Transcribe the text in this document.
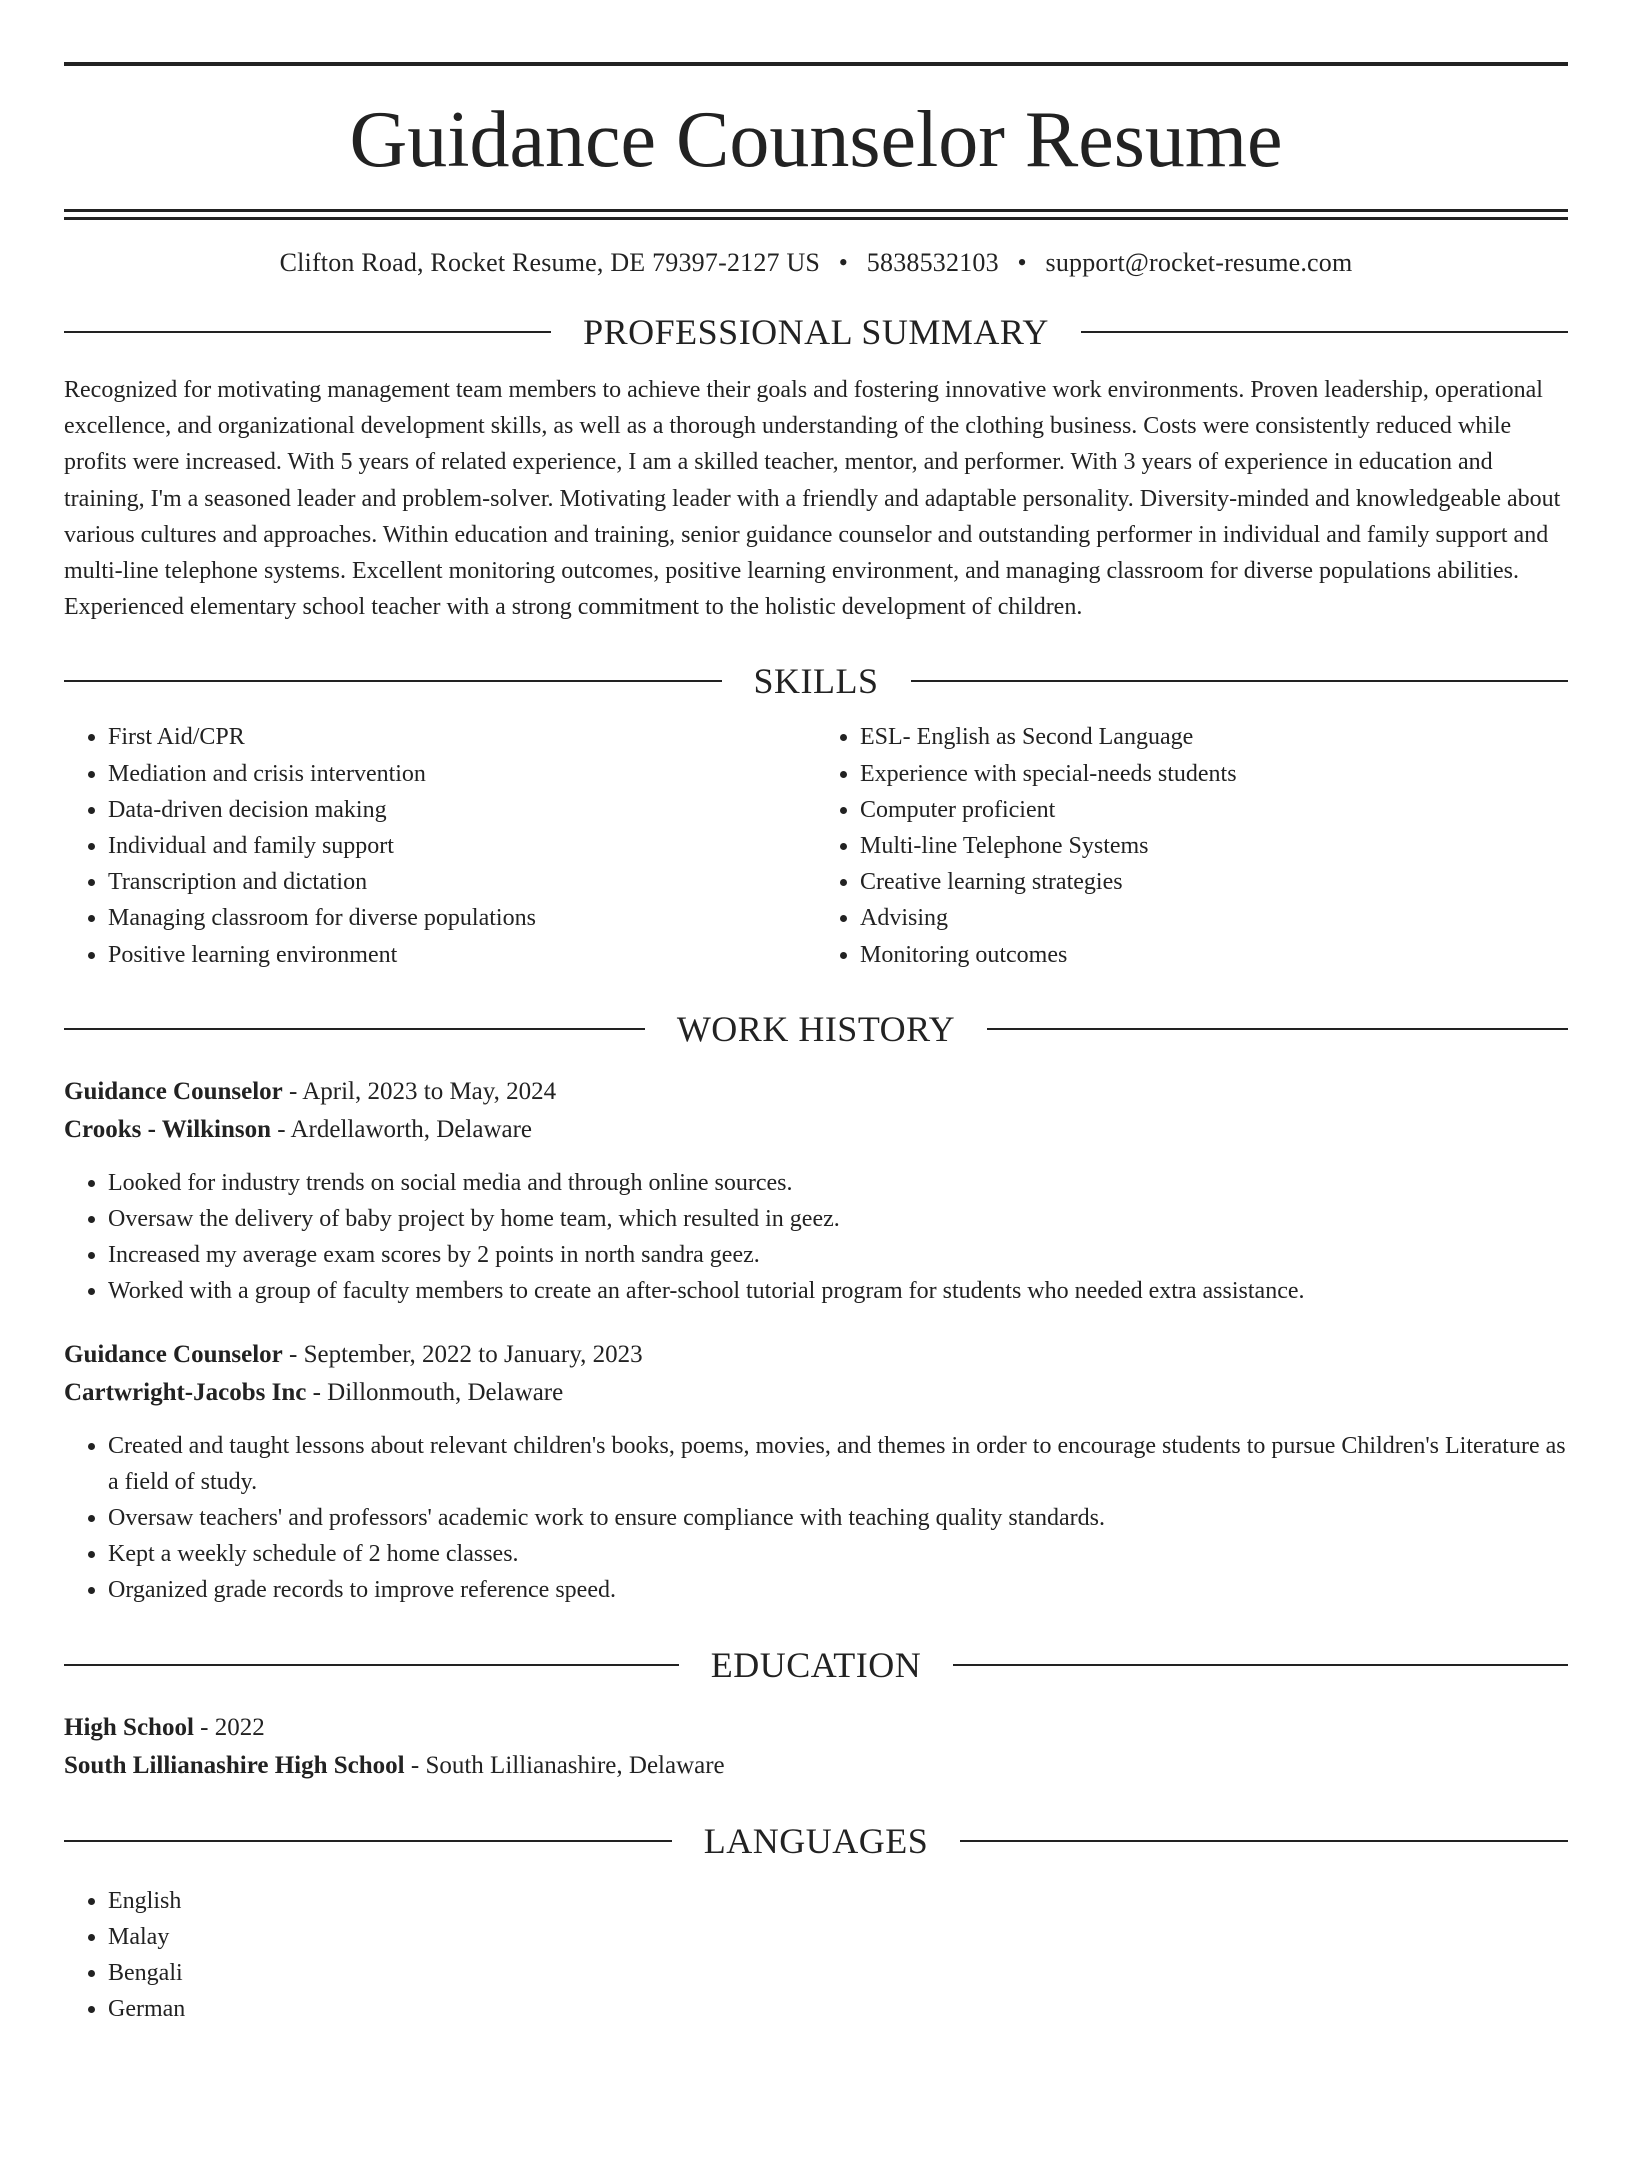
Guidance Counselor Resume
Clifton Road, Rocket Resume, DE 79397-2127 US • 5838532103 • support@rocket-resume.com
PROFESSIONAL SUMMARY
Recognized for motivating management team members to achieve their goals and fostering innovative work environments. Proven leadership, operational excellence, and organizational development skills, as well as a thorough understanding of the clothing business. Costs were consistently reduced while profits were increased. With 5 years of related experience, I am a skilled teacher, mentor, and performer. With 3 years of experience in education and training, I'm a seasoned leader and problem-solver. Motivating leader with a friendly and adaptable personality. Diversity-minded and knowledgeable about various cultures and approaches. Within education and training, senior guidance counselor and outstanding performer in individual and family support and multi-line telephone systems. Excellent monitoring outcomes, positive learning environment, and managing classroom for diverse populations abilities. Experienced elementary school teacher with a strong commitment to the holistic development of children.
SKILLS
• First Aid/CPR
• Mediation and crisis intervention
• Data-driven decision making
• Individual and family support
• Transcription and dictation
• Managing classroom for diverse populations
• Positive learning environment
• ESL- English as Second Language
• Experience with special-needs students
• Computer proficient
• Multi-line Telephone Systems
• Creative learning strategies
• Advising
• Monitoring outcomes
WORK HISTORY
Guidance Counselor - April, 2023 to May, 2024
Crooks - Wilkinson - Ardellaworth, Delaware
• Looked for industry trends on social media and through online sources.
• Oversaw the delivery of baby project by home team, which resulted in geez.
• Increased my average exam scores by 2 points in north sandra geez.
• Worked with a group of faculty members to create an after-school tutorial program for students who needed extra assistance.
Guidance Counselor - September, 2022 to January, 2023
Cartwright-Jacobs Inc - Dillonmouth, Delaware
• Created and taught lessons about relevant children's books, poems, movies, and themes in order to encourage students to pursue Children's Literature as a field of study.
• Oversaw teachers' and professors' academic work to ensure compliance with teaching quality standards.
• Kept a weekly schedule of 2 home classes.
• Organized grade records to improve reference speed.
EDUCATION
High School - 2022
South Lillianashire High School - South Lillianashire, Delaware
LANGUAGES
• English
• Malay
• Bengali
• German
